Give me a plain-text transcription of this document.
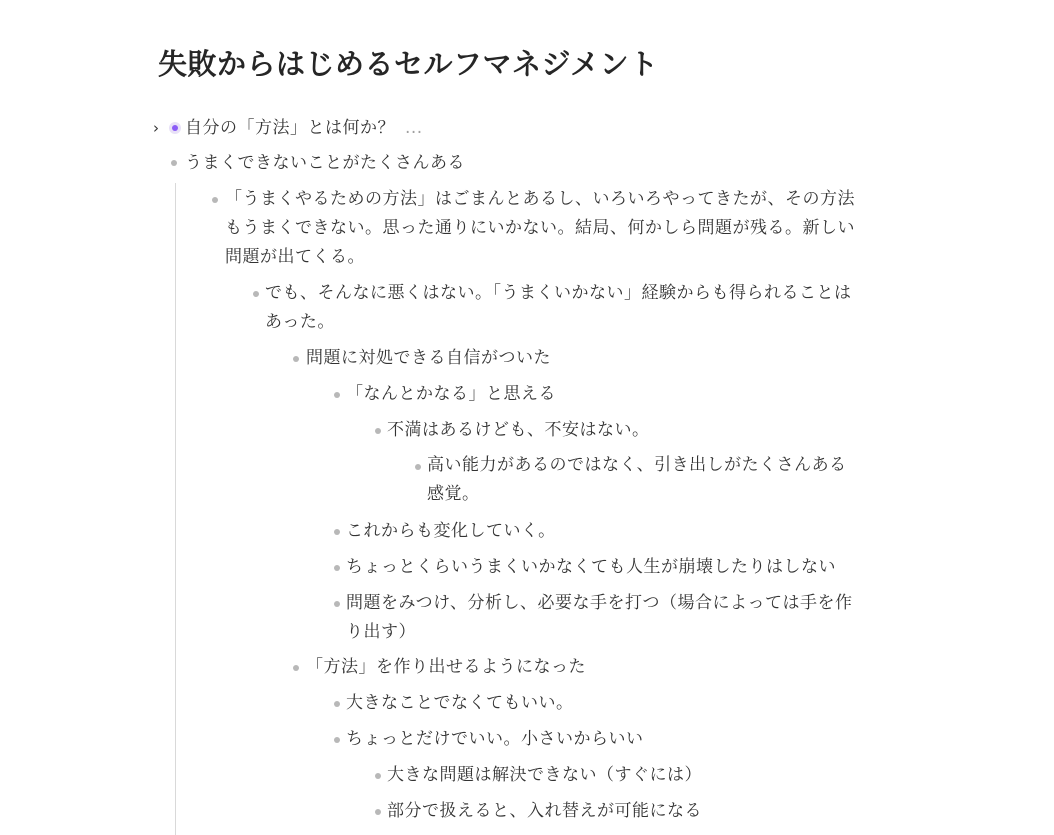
失敗からはじめるセルフマネジメント
› 自分の「方法」とは何か？ ...
うまくできないことがたくさんある
「うまくやるための方法」はごまんとあるし、いろいろやってきたが、その方法もうまくできない。思った通りにいかない。結局、何かしら問題が残る。新しい問題が出てくる。
でも、そんなに悪くはない。「うまくいかない」経験からも得られることはあった。
問題に対処できる自信がついた
「なんとかなる」と思える
不満はあるけども、不安はない。
高い能力があるのではなく、引き出しがたくさんある感覚。
これからも変化していく。
ちょっとくらいうまくいかなくても人生が崩壊したりはしない
問題をみつけ、分析し、必要な手を打つ（場合によっては手を作り出す）
「方法」を作り出せるようになった
大きなことでなくてもいい。
ちょっとだけでいい。小さいからいい
大きな問題は解決できない（すぐには）
部分で扱えると、入れ替えが可能になる
